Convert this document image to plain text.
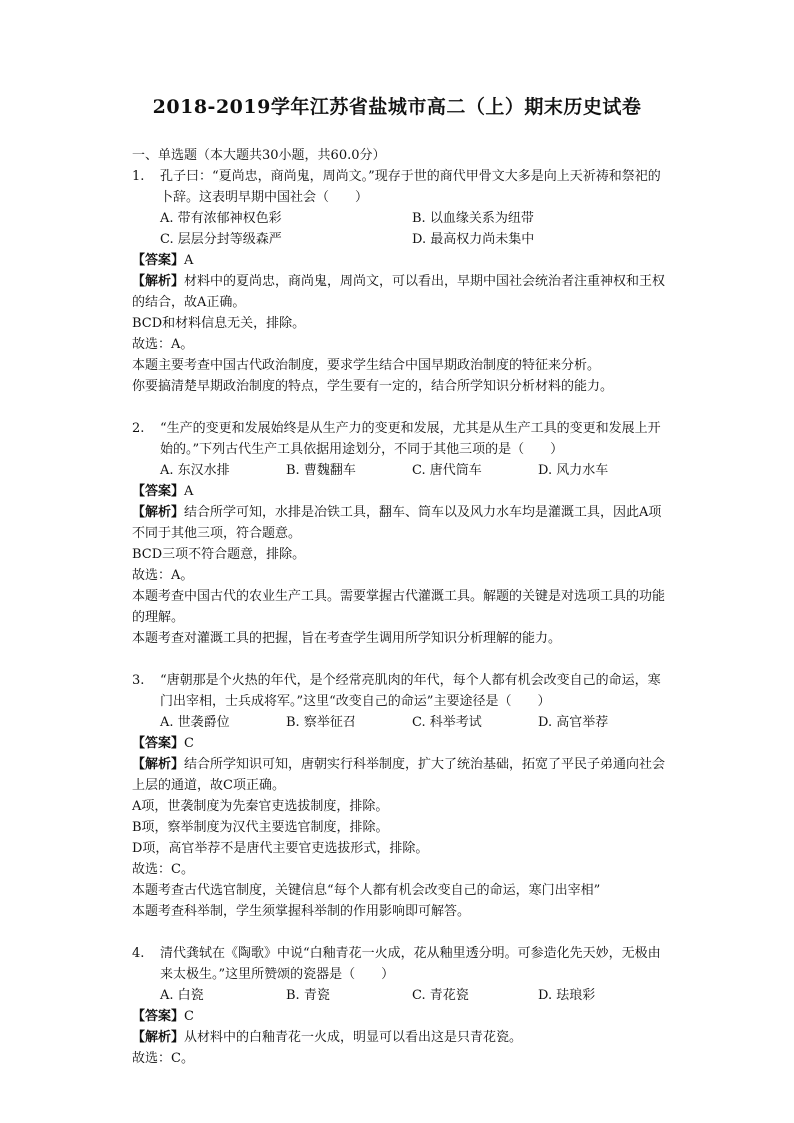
2018-2019学年江苏省盐城市高二（上）期末历史试卷
一、单选题（本大题共30小题，共60.0分）
1.	孔子曰：“夏尚忠，商尚鬼，周尚文。”现存于世的商代甲骨文大多是向上天祈祷和祭祀的卜辞。这表明早期中国社会（　　）
A. 带有浓郁神权色彩	B. 以血缘关系为纽带
C. 层层分封等级森严	D. 最高权力尚未集中

【答案】A

【解析】材料中的夏尚忠，商尚鬼，周尚文，可以看出，早期中国社会统治者注重神权和王权的结合，故A正确。

BCD和材料信息无关，排除。

故选：A。

本题主要考查中国古代政治制度，要求学生结合中国早期政治制度的特征来分析。

你要搞清楚早期政治制度的特点，学生要有一定的，结合所学知识分析材料的能力。

2.	“生产的变更和发展始终是从生产力的变更和发展，尤其是从生产工具的变更和发展上开始的。”下列古代生产工具依据用途划分，不同于其他三项的是（　　）
A. 东汉水排	B. 曹魏翻车	C. 唐代筒车	D. 风力水车

【答案】A

【解析】结合所学可知，水排是冶铁工具，翻车、筒车以及风力水车均是灌溉工具，因此A项不同于其他三项，符合题意。

BCD三项不符合题意，排除。

故选：A。

本题考查中国古代的农业生产工具。需要掌握古代灌溉工具。解题的关键是对选项工具的功能的理解。

本题考查对灌溉工具的把握，旨在考查学生调用所学知识分析理解的能力。

3.	“唐朝那是个火热的年代，是个经常亮肌肉的年代，每个人都有机会改变自己的命运，寒门出宰相，士兵成将军。”这里“改变自己的命运”主要途径是（　　）
A. 世袭爵位	B. 察举征召	C. 科举考试	D. 高官举荐

【答案】C

【解析】结合所学知识可知，唐朝实行科举制度，扩大了统治基础，拓宽了平民子弟通向社会上层的通道，故C项正确。

A项，世袭制度为先秦官吏选拔制度，排除。

B项，察举制度为汉代主要选官制度，排除。

D项，高官举荐不是唐代主要官吏选拔形式，排除。

故选：C。

本题考查古代选官制度，关键信息“每个人都有机会改变自己的命运，寒门出宰相”

本题考查科举制，学生须掌握科举制的作用影响即可解答。

4.	清代龚轼在《陶歌》中说“白釉青花一火成，花从釉里透分明。可参造化先天妙，无极由来太极生。”这里所赞颂的瓷器是（　　）
A. 白瓷	B. 青瓷	C. 青花瓷	D. 珐琅彩

【答案】C

【解析】从材料中的白釉青花一火成，明显可以看出这是只青花瓷。

故选：C。
